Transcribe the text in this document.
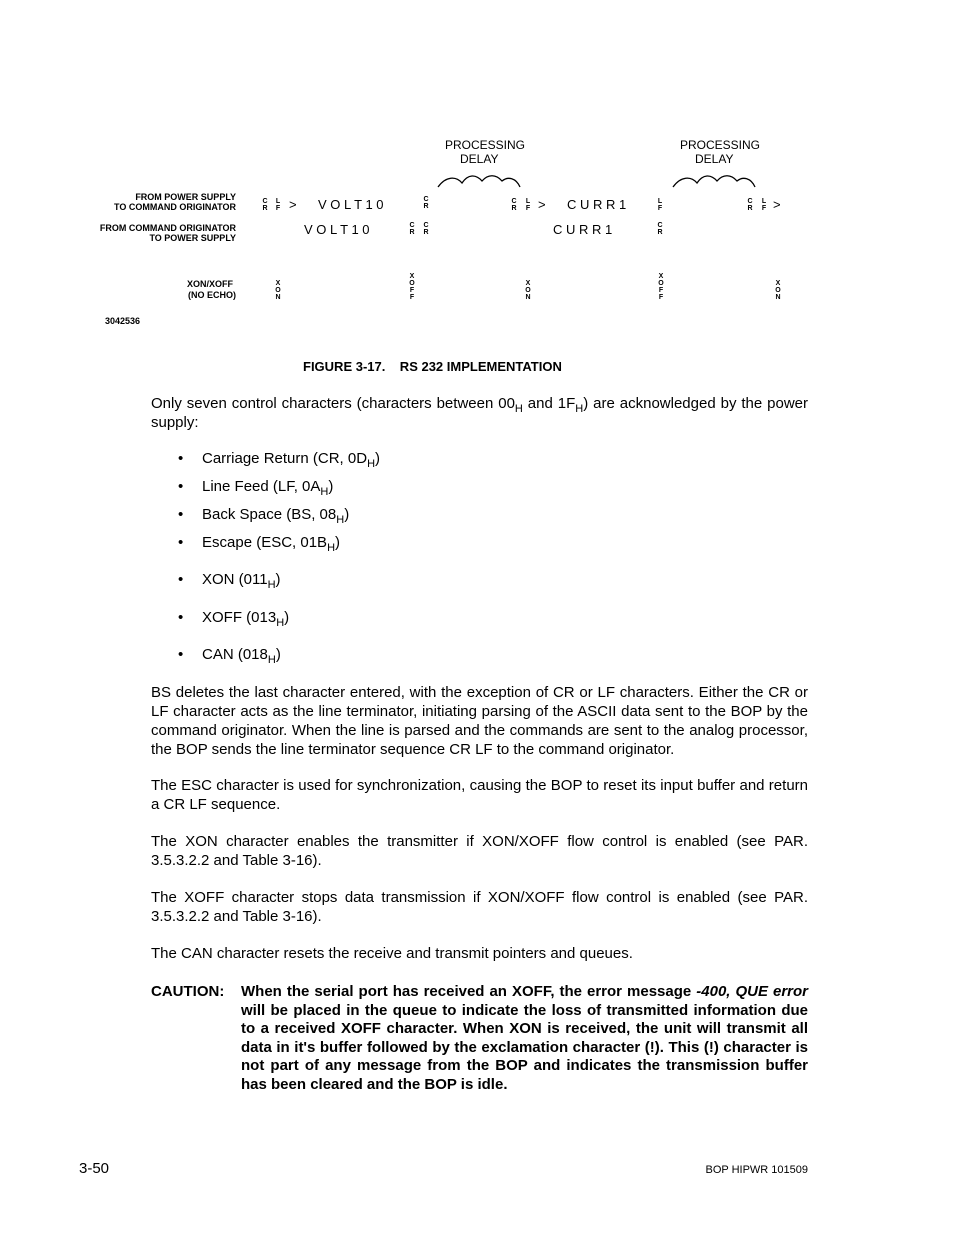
FROM POWER SUPPLY
TO COMMAND ORIGINATOR
FROM COMMAND ORIGINATOR
TO POWER SUPPLY
XON/XOFF
(NO ECHO)
PROCESSING
DELAY
PROCESSING
DELAY
V O L T 1 0
V O L T 1 0
C U R R 1
C U R R 1
>	>	>
C
R
L
F
C
R
C
R
C
R
L
F
L
F
C
R
C
R
L
F
X
O
N
X
O
F
F
X
O
N
X
O
F
F
X
O
N
3042536
C
R
FIGURE 3-17.    RS 232 IMPLEMENTATION
Only seven control characters (characters between $00_H$ and $1F_H$) are acknowledged by the power supply:
• Carriage Return (CR, $0D_H$)
• Line Feed (LF, $0A_H$)
• Back Space (BS, $08_H$)
• Escape (ESC, $01B_H$)
• XON $(011_H)$
• XOFF $(013_H)$
• CAN $(018_H)$

BS deletes the last character entered, with the exception of CR or LF characters. Either the CR or LF character acts as the line terminator, initiating parsing of the ASCII data sent to the BOP by the command originator. When the line is parsed and the commands are sent to the analog processor, the BOP sends the line terminator sequence CR LF to the command originator.

The ESC character is used for synchronization, causing the BOP to reset its input buffer and return a CR LF sequence.

The XON character enables the transmitter if XON/XOFF flow control is enabled (see PAR. 3.5.3.2.2 and Table 3-16).

The XOFF character stops data transmission if XON/XOFF flow control is enabled (see PAR. 3.5.3.2.2 and Table 3-16).

The CAN character resets the receive and transmit pointers and queues.

CAUTION: When the serial port has received an XOFF, the error message -400, QUE error will be placed in the queue to indicate the loss of transmitted information due to a received XOFF character. When XON is received, the unit will transmit all data in it's buffer followed by the exclamation character (!). This (!) character is not part of any message from the BOP and indicates the transmission buffer has been cleared and the BOP is idle.
3-50	BOP HIPWR 101509
